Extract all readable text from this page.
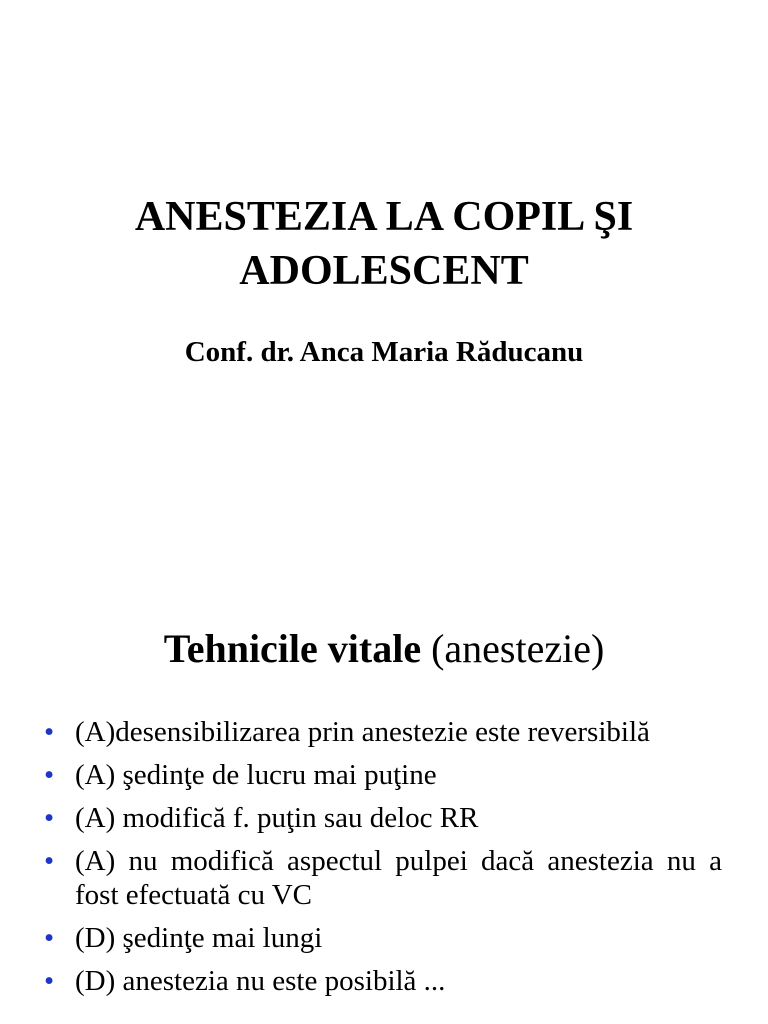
ANESTEZIA LA COPIL ŞI
ADOLESCENT
Conf. dr. Anca Maria Răducanu
Tehnicile vitale (anestezie)
• (A)desensibilizarea prin anestezie este reversibilă
• (A) şedinţe de lucru mai puţine
• (A) modifică f. puţin sau deloc RR
• (A) nu modifică aspectul pulpei dacă anestezia nu a fost efectuată cu VC
• (D) şedinţe mai lungi
• (D) anestezia nu este posibilă ...
